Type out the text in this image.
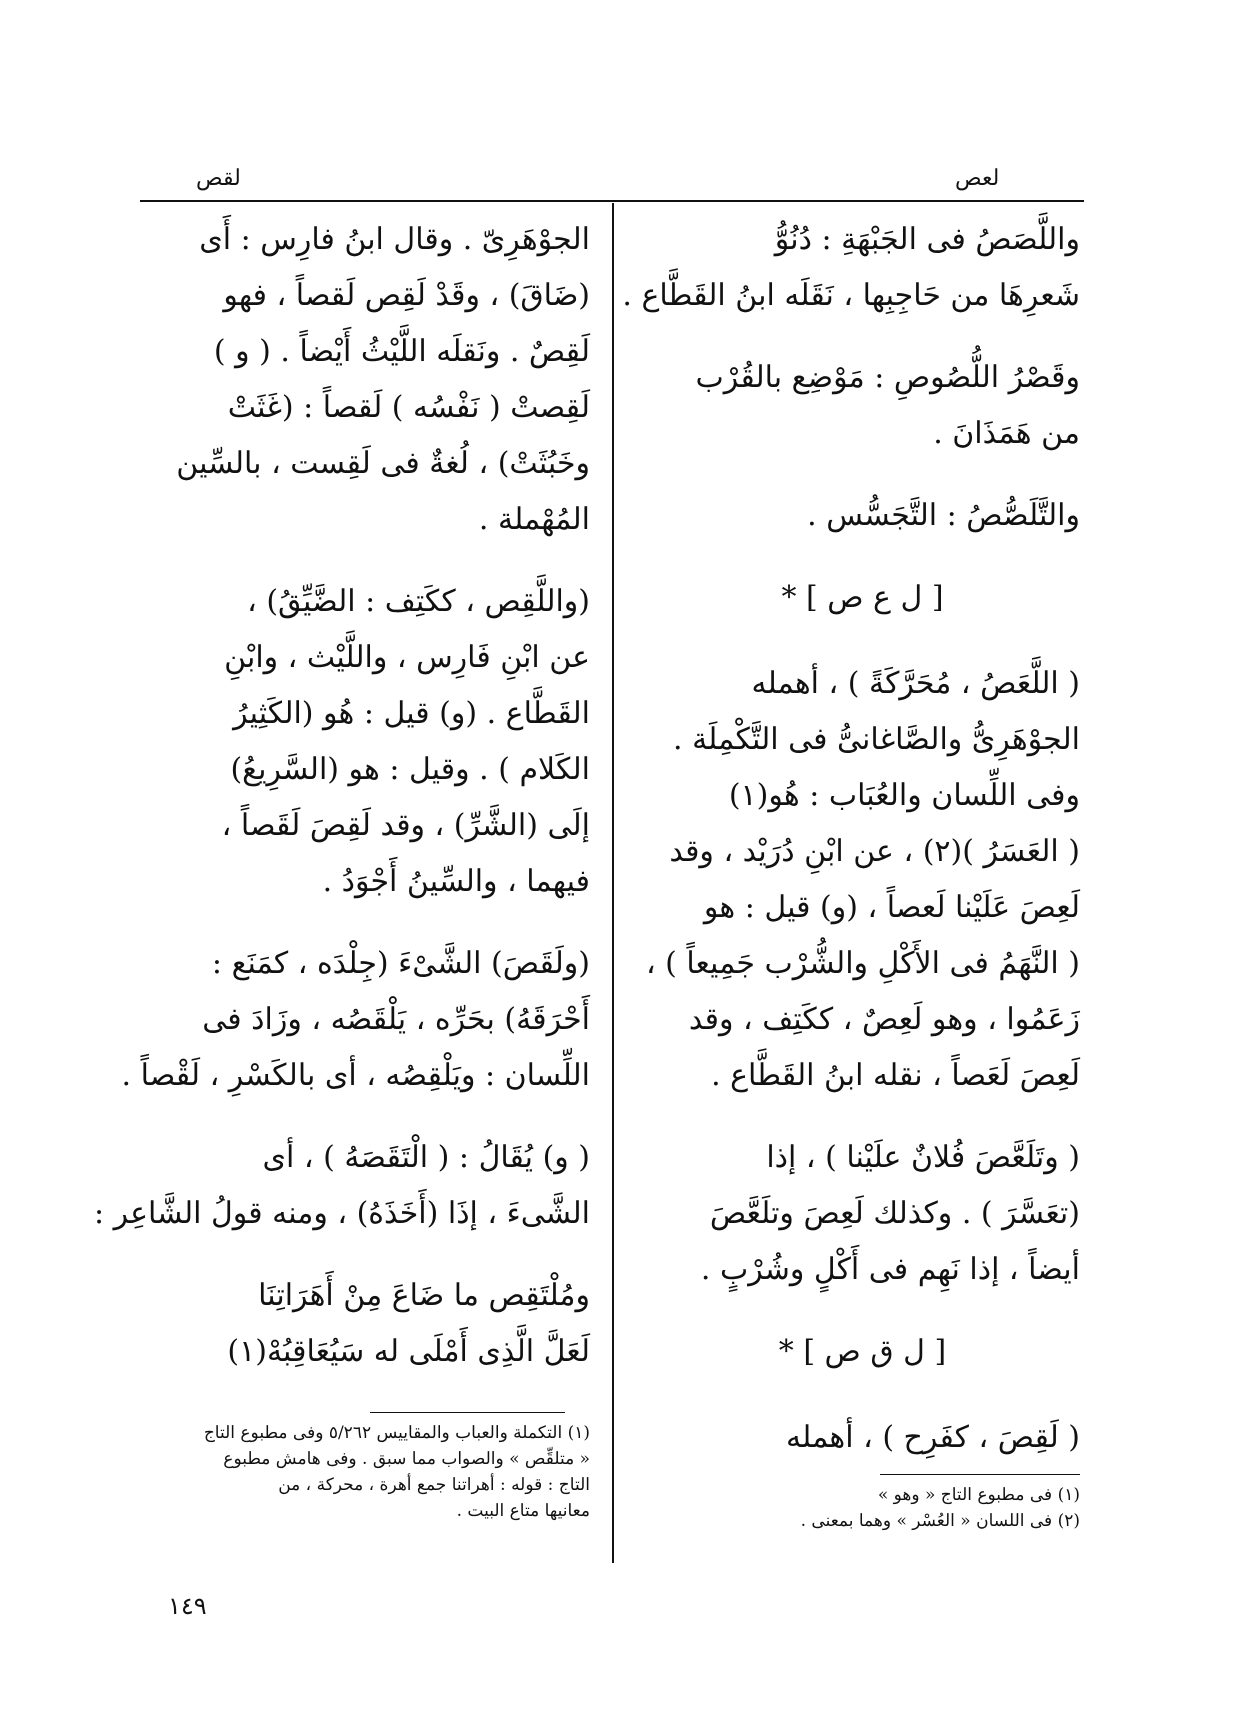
لقص	لعص
واللَّصَصُ فى الجَبْهَةِ : دُنُوُّ
شَعرِهَا من حَاجِبِها ، نَقَلَه ابنُ القَطَّاع .
وقَصْرُ اللُّصُوصِ : مَوْضِع بالقُرْب
من هَمَذَانَ .
والتَّلَصُّصُ : التَّجَسُّس .
[ ل ع ص ] *
( اللَّعَصُ ، مُحَرَّكَةً ) ، أهمله
الجوْهَرِىُّ والصَّاغانىُّ فى التَّكْمِلَة .
وفى اللِّسان والعُبَاب : هُو(١)
( العَسَرُ )(٢) ، عن ابْنِ دُرَيْد ، وقد
لَعِصَ عَلَيْنا لَعصاً ، (و) قيل : هو
( النَّهَمُ فى الأَكْلِ والشُّرْب جَمِيعاً ) ،
زَعَمُوا ، وهو لَعِصٌ ، ككَتِف ، وقد
لَعِصَ لَعَصاً ، نقله ابنُ القَطَّاع .
( وتَلَعَّصَ فُلانٌ علَيْنا ) ، إذا
(تعَسَّرَ ) . وكذلك لَعِصَ وتلَعَّصَ
أيضاً ، إذا نَهِم فى أَكْلٍ وشُرْبٍ .
[ ل ق ص ] *
( لَقِصَ ، كفَرِح ) ، أهمله
الجوْهَرِىّ . وقال ابنُ فارِس : أَى
(ضَاقَ) ، وقَدْ لَقِص لَقصاً ، فهو
لَقِصٌ . ونَقلَه اللَّيْثُ أَيْضاً . ( و )
لَقِصتْ ( نَفْسُه ) لَقصاً : (غَثَتْ
وخَبُثَتْ) ، لُغةٌ فى لَقِست ، بالسِّين
المُهْملة .
(واللَّقِص ، ككَتِف : الضَّيِّقُ) ،
عن ابْنِ فَارِس ، واللَّيْث ، وابْنِ
القَطَّاع . (و) قيل : هُو (الكَثِيرُ
الكَلام ) . وقيل : هو (السَّرِيعُ)
إلَى (الشَّرِّ) ، وقد لَقِصَ لَقَصاً ،
فيهما ، والسِّينُ أَجْوَدُ .
(ولَقَصَ) الشَّىْءَ (جِلْدَه ، كمَنَع :
أَحْرَقَهُ) بحَرِّه ، يَلْقَصُه ، وزَادَ فى
اللِّسان : ويَلْقِصُه ، أى بالكَسْرِ ، لَقْصاً .
( و) يُقَالُ : ( الْتَقَصَهُ ) ، أى
الشَّىءَ ، إذَا (أَخَذَهُ) ، ومنه قولُ الشَّاعِر :
ومُلْتَقِص ما ضَاعَ مِنْ أَهَرَاتِنَا
لَعَلَّ الَّذِى أَمْلَى له سَيُعَاقِبُهْ(١)
(١) التكملة والعباب والمقاييس ٥/٢٦٢ وفى مطبوع التاج
« متلقِّص » والصواب مما سبق . وفى هامش مطبوع
التاج : قوله : أهراتنا جمع أهرة ، محركة ، من
معانيها متاع البيت .
(١) فى مطبوع التاج « وهو »
(٢) فى اللسان « العُسْر » وهما بمعنى .
١٤٩
